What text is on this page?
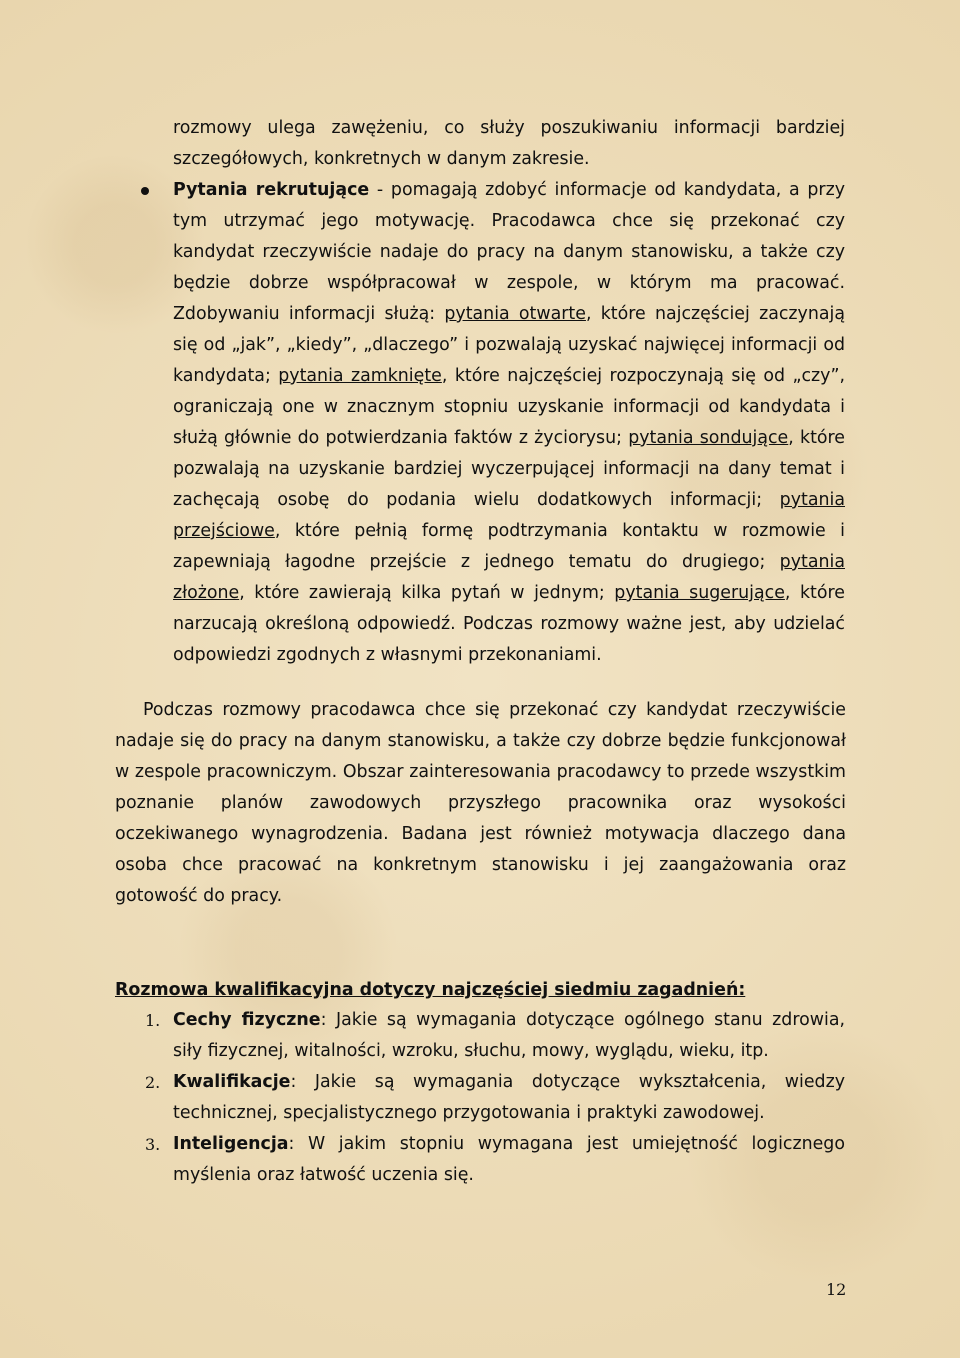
rozmowy ulega zawężeniu, co służy poszukiwaniu informacji bardziej szczegółowych, konkretnych w danym zakresie.

Pytania rekrutujące - pomagają zdobyć informacje od kandydata, a przy tym utrzymać jego motywację. Pracodawca chce się przekonać czy kandydat rzeczywiście nadaje do pracy na danym stanowisku, a także czy będzie dobrze współpracował w zespole, w którym ma pracować. Zdobywaniu informacji służą: pytania otwarte, które najczęściej zaczynają się od „jak”, „kiedy”, „dlaczego” i pozwalają uzyskać najwięcej informacji od kandydata; pytania zamknięte, które najczęściej rozpoczynają się od „czy”, ograniczają one w znacznym stopniu uzyskanie informacji od kandydata i służą głównie do potwierdzania faktów z życiorysu; pytania sondujące, które pozwalają na uzyskanie bardziej wyczerpującej informacji na dany temat i zachęcają osobę do podania wielu dodatkowych informacji; pytania przejściowe, które pełnią formę podtrzymania kontaktu w rozmowie i zapewniają łagodne przejście z jednego tematu do drugiego; pytania złożone, które zawierają kilka pytań w jednym; pytania sugerujące, które narzucają określoną odpowiedź. Podczas rozmowy ważne jest, aby udzielać odpowiedzi zgodnych z własnymi przekonaniami.

Podczas rozmowy pracodawca chce się przekonać czy kandydat rzeczywiście nadaje się do pracy na danym stanowisku, a także czy dobrze będzie funkcjonował w zespole pracowniczym. Obszar zainteresowania pracodawcy to przede wszystkim poznanie planów zawodowych przyszłego pracownika oraz wysokości oczekiwanego wynagrodzenia. Badana jest również motywacja dlaczego dana osoba chce pracować na konkretnym stanowisku i jej zaangażowania oraz gotowość do pracy.

Rozmowa kwalifikacyjna dotyczy najczęściej siedmiu zagadnień:

1. Cechy fizyczne: Jakie są wymagania dotyczące ogólnego stanu zdrowia, siły fizycznej, witalności, wzroku, słuchu, mowy, wyglądu, wieku, itp.

2. Kwalifikacje: Jakie są wymagania dotyczące wykształcenia, wiedzy technicznej, specjalistycznego przygotowania i praktyki zawodowej.

3. Inteligencja: W jakim stopniu wymagana jest umiejętność logicznego myślenia oraz łatwość uczenia się.

12
